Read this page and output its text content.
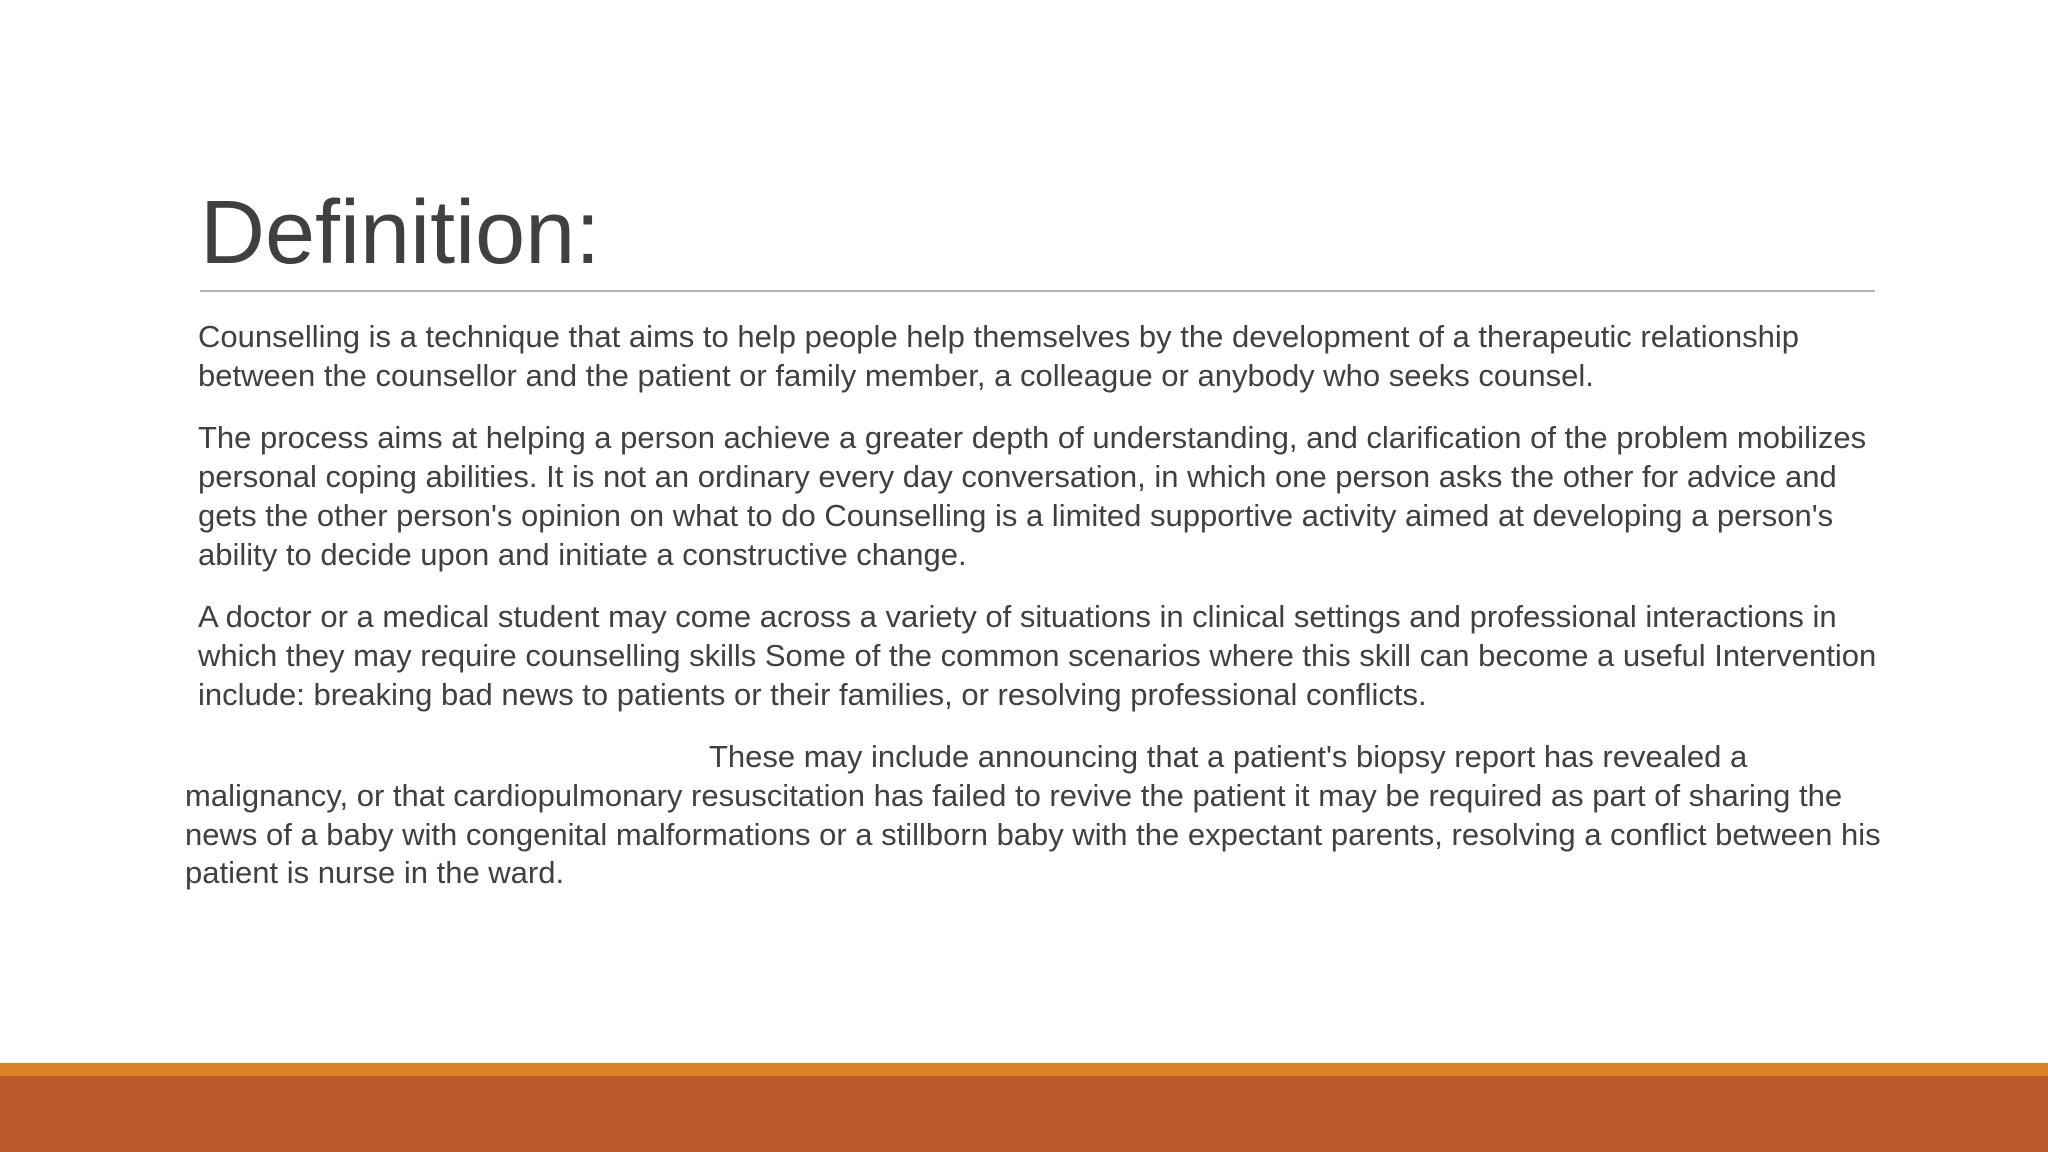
Definition:

Counselling is a technique that aims to help people help themselves by the development of a therapeutic relationship between the counsellor and the patient or family member, a colleague or anybody who seeks counsel.

The process aims at helping a person achieve a greater depth of understanding, and clarification of the problem mobilizes personal coping abilities. It is not an ordinary every day conversation, in which one person asks the other for advice and gets the other person's opinion on what to do Counselling is a limited supportive activity aimed at developing a person's ability to decide upon and initiate a constructive change.

A doctor or a medical student may come across a variety of situations in clinical settings and professional interactions in which they may require counselling skills Some of the common scenarios where this skill can become a useful Intervention include: breaking bad news to patients or their families, or resolving professional conflicts.

These may include announcing that a patient's biopsy report has revealed a malignancy, or that cardiopulmonary resuscitation has failed to revive the patient it may be required as part of sharing the news of a baby with congenital malformations or a stillborn baby with the expectant parents, resolving a conflict between his patient is nurse in the ward.
